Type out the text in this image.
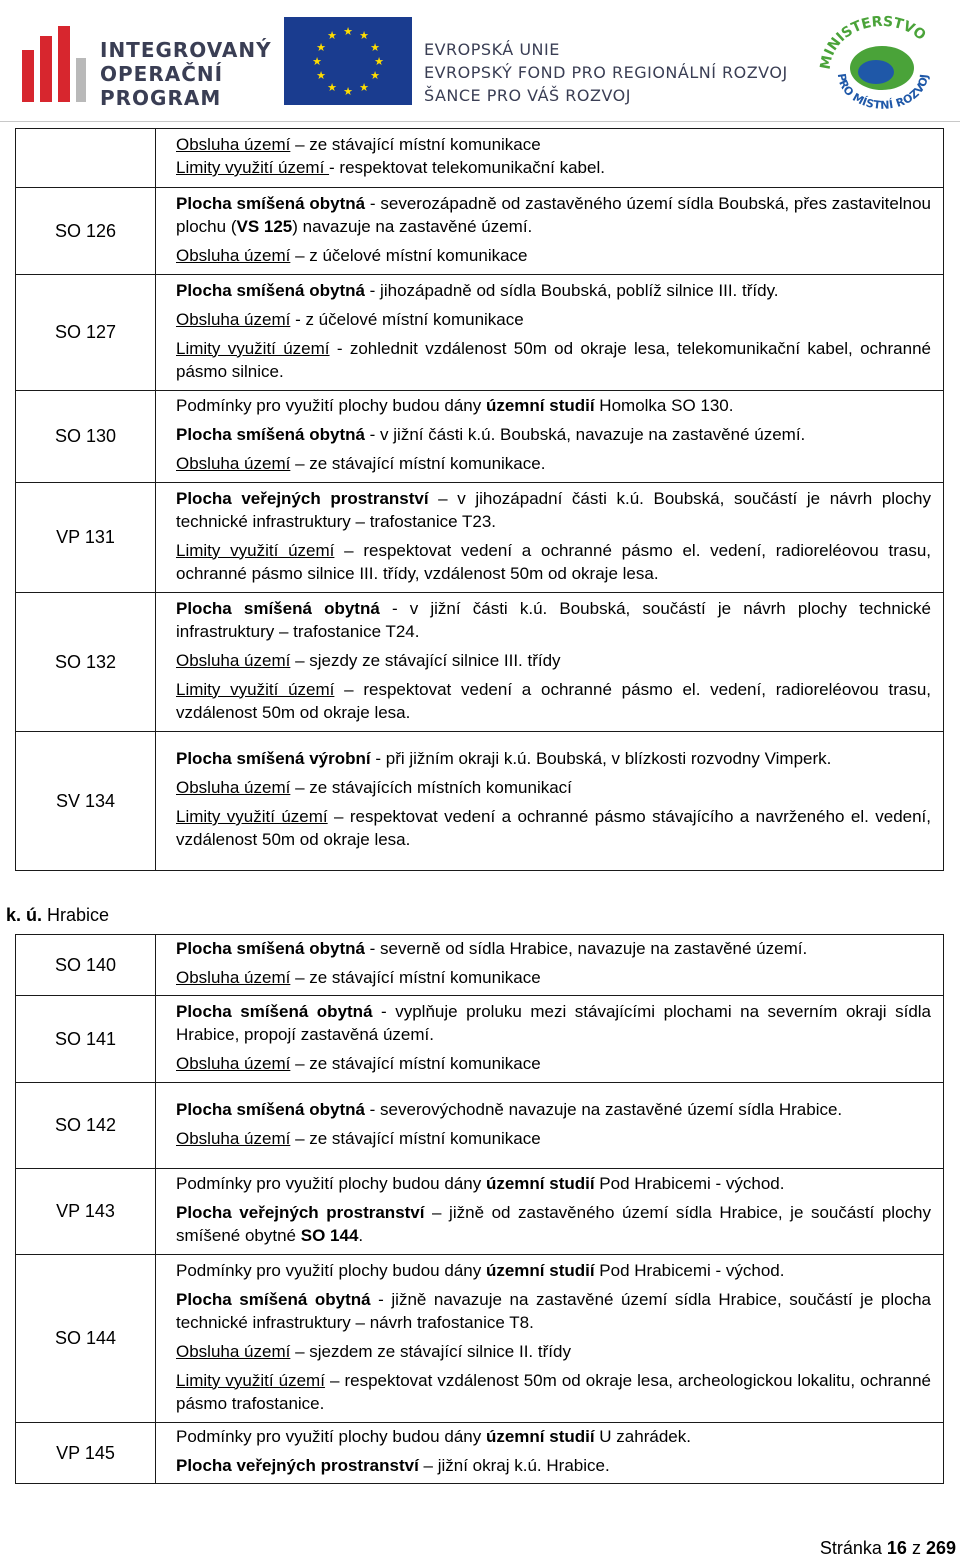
INTEGROVANÝ
OPERAČNÍ
PROGRAM
★ ★
★
★
★
★
★
★
★
★
★
★
EVROPSKÁ UNIE
EVROPSKÝ FOND PRO REGIONÁLNÍ ROZVOJ
ŠANCE PRO VÁŠ ROZVOJ
MINISTERSTVO
PRO MÍSTNÍ ROZVOJ

	Obsluha území – ze stávající místní komunikace

Limity využití území - respektovat telekomunikační kabel.

SO 126	Plocha smíšená obytná - severozápadně od zastavěného území sídla Boubská, přes zastavitelnou plochu (VS 125) navazuje na zastavěné území.

Obsluha území – z účelové místní komunikace

SO 127	Plocha smíšená obytná - jihozápadně od sídla Boubská, poblíž silnice III. třídy.

Obsluha území - z účelové místní komunikace

Limity využití území - zohlednit vzdálenost 50m od okraje lesa, telekomunikační kabel, ochranné pásmo silnice.

SO 130	Podmínky pro využití plochy budou dány územní studií Homolka SO 130.

Plocha smíšená obytná - v jižní části k.ú. Boubská, navazuje na zastavěné území.

Obsluha území – ze stávající místní komunikace.

VP 131	Plocha veřejných prostranství – v jihozápadní části k.ú. Boubská, součástí je návrh plochy technické infrastruktury – trafostanice T23.

Limity využití území – respektovat vedení a ochranné pásmo el. vedení, radioreléovou trasu, ochranné pásmo silnice III. třídy, vzdálenost 50m od okraje lesa.

SO 132	Plocha smíšená obytná - v jižní části k.ú. Boubská, součástí je návrh plochy technické infrastruktury – trafostanice T24.

Obsluha území – sjezdy ze stávající silnice III. třídy

Limity využití území – respektovat vedení a ochranné pásmo el. vedení, radioreléovou trasu, vzdálenost 50m od okraje lesa.

SV 134	Plocha smíšená výrobní - při jižním okraji k.ú. Boubská, v blízkosti rozvodny Vimperk.

Obsluha území – ze stávajících místních komunikací

Limity využití území – respektovat vedení a ochranné pásmo stávajícího a navrženého el. vedení, vzdálenost 50m od okraje lesa.

k. ú. Hrabice
SO 140	Plocha smíšená obytná - severně od sídla Hrabice, navazuje na zastavěné území.

Obsluha území – ze stávající místní komunikace

SO 141	Plocha smíšená obytná - vyplňuje proluku mezi stávajícími plochami na severním okraji sídla Hrabice, propojí zastavěná území.

Obsluha území – ze stávající místní komunikace

SO 142	Plocha smíšená obytná - severovýchodně navazuje na zastavěné území sídla Hrabice.

Obsluha území – ze stávající místní komunikace

VP 143	Podmínky pro využití plochy budou dány územní studií Pod Hrabicemi - východ.

Plocha veřejných prostranství – jižně od zastavěného území sídla Hrabice, je součástí plochy smíšené obytné SO 144.

SO 144	Podmínky pro využití plochy budou dány územní studií Pod Hrabicemi - východ.

Plocha smíšená obytná - jižně navazuje na zastavěné území sídla Hrabice, součástí je plocha technické infrastruktury – návrh trafostanice T8.

Obsluha území – sjezdem ze stávající silnice II. třídy

Limity využití území – respektovat vzdálenost 50m od okraje lesa, archeologickou lokalitu, ochranné pásmo trafostanice.

VP 145	Podmínky pro využití plochy budou dány územní studií U zahrádek.

Plocha veřejných prostranství – jižní okraj k.ú. Hrabice.

Stránka 16 z 269
